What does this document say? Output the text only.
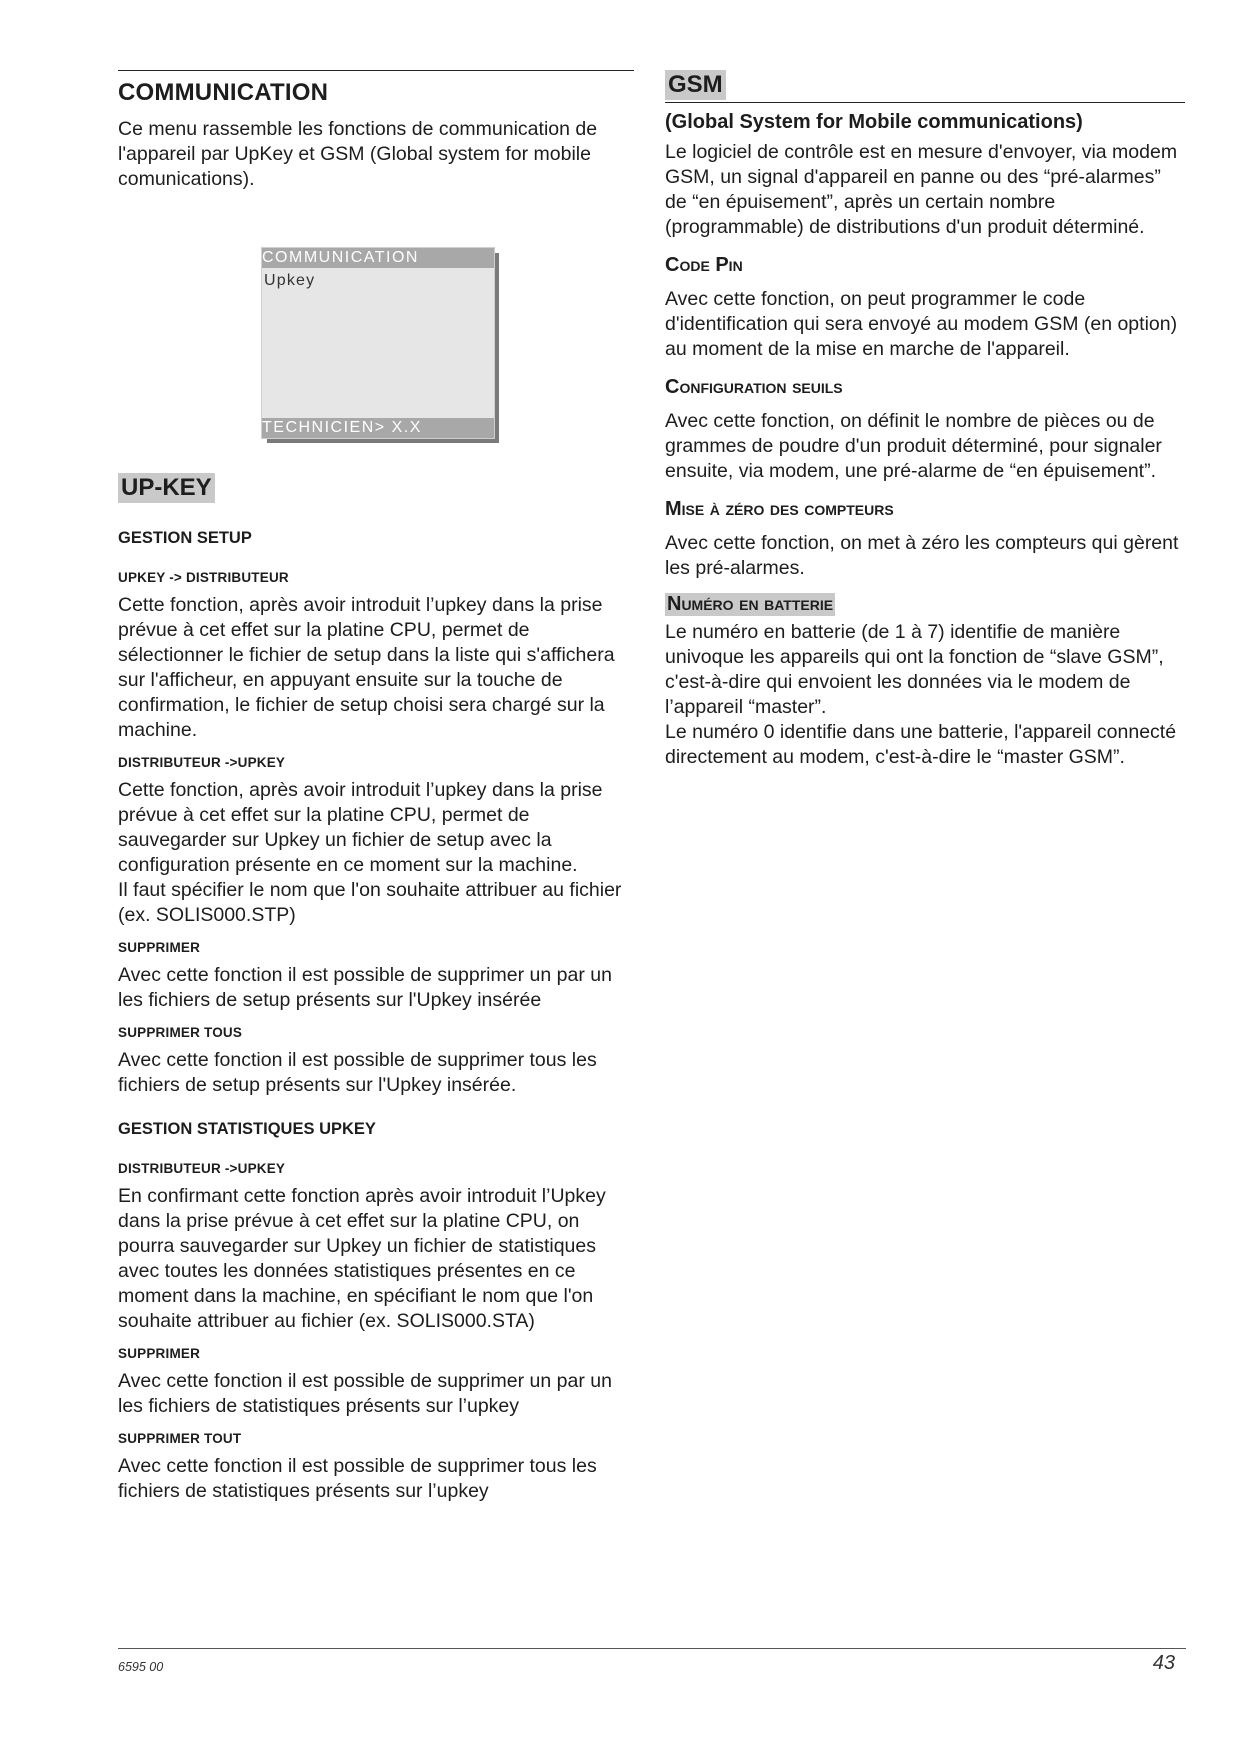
COMMUNICATION

Ce menu rassemble les fonctions de communication de l'appareil par UpKey et GSM (Global system for mobile comunications).

COMMUNICATION
Upkey
TECHNICIEN> X.X
UP-KEY
GESTION SETUP
UPKEY -> DISTRIBUTEUR

Cette fonction, après avoir introduit l’upkey dans la prise prévue à cet effet sur la platine CPU, permet de sélectionner le fichier de setup dans la liste qui s'affichera sur l'afficheur, en appuyant ensuite sur la touche de confirmation, le fichier de setup choisi sera chargé sur la machine.

DISTRIBUTEUR ->UPKEY

Cette fonction, après avoir introduit l’upkey dans la prise prévue à cet effet sur la platine CPU, permet de sauvegarder sur Upkey un fichier de setup avec la configuration présente en ce moment sur la machine.

Il faut spécifier le nom que l'on souhaite attribuer au fichier (ex. SOLIS000.STP)

SUPPRIMER

Avec cette fonction il est possible de supprimer un par un les fichiers de setup présents sur l'Upkey insérée

SUPPRIMER TOUS

Avec cette fonction il est possible de supprimer tous les fichiers de setup présents sur l'Upkey insérée.

GESTION STATISTIQUES UPKEY
DISTRIBUTEUR ->UPKEY

En confirmant cette fonction après avoir introduit l’Upkey dans la prise prévue à cet effet sur la platine CPU, on pourra sauvegarder sur Upkey un fichier de statistiques avec toutes les données statistiques présentes en ce moment dans la machine, en spécifiant le nom que l'on souhaite attribuer au fichier (ex. SOLIS000.STA)

SUPPRIMER

Avec cette fonction il est possible de supprimer un par un les fichiers de statistiques présents sur l’upkey

SUPPRIMER TOUT

Avec cette fonction il est possible de supprimer tous les fichiers de statistiques présents sur l’upkey

GSM
(Global System for Mobile communications)

Le logiciel de contrôle est en mesure d'envoyer, via modem GSM, un signal d'appareil en panne ou des “pré-alarmes” de “en épuisement”, après un certain nombre (programmable) de distributions d'un produit déterminé.

Code Pin

Avec cette fonction, on peut programmer le code d'identification qui sera envoyé au modem GSM (en option) au moment de la mise en marche de l'appareil.

Configuration seuils

Avec cette fonction, on définit le nombre de pièces ou de grammes de poudre d'un produit déterminé, pour signaler ensuite, via modem, une pré-alarme de “en épuisement”.

Mise à zéro des compteurs

Avec cette fonction, on met à zéro les compteurs qui gèrent les pré-alarmes.

Numéro en batterie

Le numéro en batterie (de 1 à 7) identifie de manière univoque les appareils qui ont la fonction de “slave GSM”, c'est-à-dire qui envoient les données via le modem de l’appareil “master”.

Le numéro 0 identifie dans une batterie, l'appareil connecté directement au modem, c'est-à-dire le “master GSM”.

6595 00	43
